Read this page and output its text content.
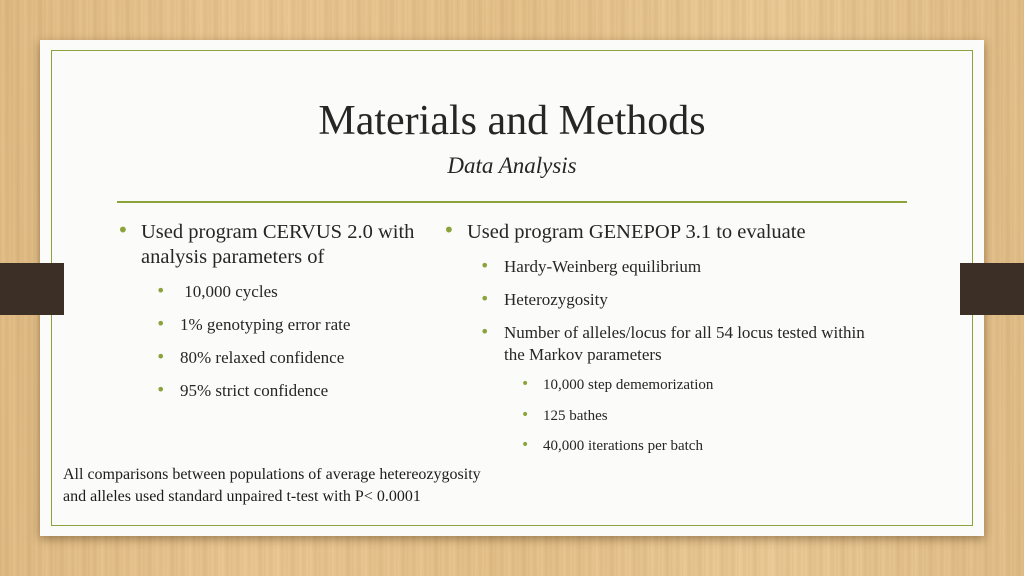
Materials and Methods
Data Analysis
• Used program CERVUS 2.0 with
analysis parameters of
• 10,000 cycles
• 1% genotyping error rate
• 80% relaxed confidence
• 95% strict confidence
• Used program GENEPOP 3.1 to evaluate
• Hardy-Weinberg equilibrium
• Heterozygosity
• Number of alleles/locus for all 54 locus tested within
the Markov parameters
• 10,000 step dememorization
• 125 bathes
• 40,000 iterations per batch
All comparisons between populations of average hetereozygosity
and alleles used standard unpaired t-test with P< 0.0001
